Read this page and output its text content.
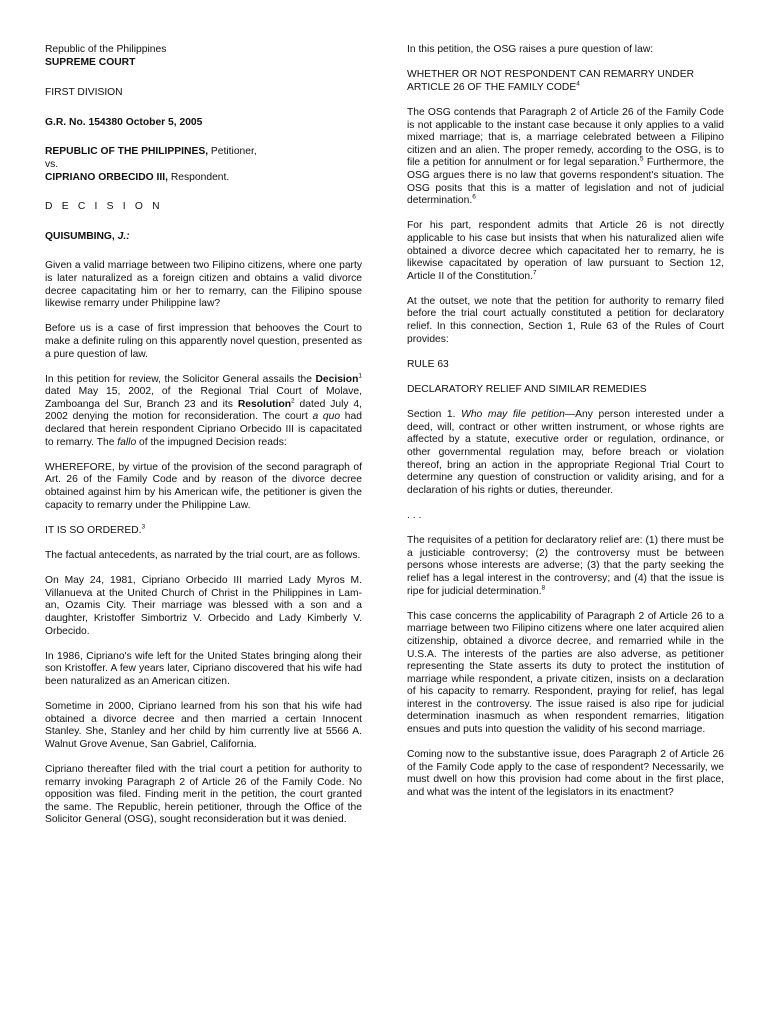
Republic of the Philippines

SUPREME COURT

FIRST DIVISION

G.R. No. 154380 October 5, 2005

REPUBLIC OF THE PHILIPPINES, Petitioner,

vs.

CIPRIANO ORBECIDO III, Respondent.

D E C I S I O N

QUISUMBING, J.:

Given a valid marriage between two Filipino citizens, where one party is later naturalized as a foreign citizen and obtains a valid divorce decree capacitating him or her to remarry, can the Filipino spouse likewise remarry under Philippine law?

Before us is a case of first impression that behooves the Court to make a definite ruling on this apparently novel question, presented as a pure question of law.

In this petition for review, the Solicitor General assails the Decision$^1$ dated May 15, 2002, of the Regional Trial Court of Molave, Zamboanga del Sur, Branch 23 and its Resolution$^2$ dated July 4, 2002 denying the motion for reconsideration. The court a quo had declared that herein respondent Cipriano Orbecido III is capacitated to remarry. The fallo of the impugned Decision reads:

WHEREFORE, by virtue of the provision of the second paragraph of Art. 26 of the Family Code and by reason of the divorce decree obtained against him by his American wife, the petitioner is given the capacity to remarry under the Philippine Law.

IT IS SO ORDERED.$^3$

The factual antecedents, as narrated by the trial court, are as follows.

On May 24, 1981, Cipriano Orbecido III married Lady Myros M. Villanueva at the United Church of Christ in the Philippines in Lam-an, Ozamis City. Their marriage was blessed with a son and a daughter, Kristoffer Simbortriz V. Orbecido and Lady Kimberly V. Orbecido.

In 1986, Cipriano's wife left for the United States bringing along their son Kristoffer. A few years later, Cipriano discovered that his wife had been naturalized as an American citizen.

Sometime in 2000, Cipriano learned from his son that his wife had obtained a divorce decree and then married a certain Innocent Stanley. She, Stanley and her child by him currently live at 5566 A. Walnut Grove Avenue, San Gabriel, California.

Cipriano thereafter filed with the trial court a petition for authority to remarry invoking Paragraph 2 of Article 26 of the Family Code. No opposition was filed. Finding merit in the petition, the court granted the same. The Republic, herein petitioner, through the Office of the Solicitor General (OSG), sought reconsideration but it was denied.

In this petition, the OSG raises a pure question of law:

WHETHER OR NOT RESPONDENT CAN REMARRY UNDER ARTICLE 26 OF THE FAMILY CODE$^4$

The OSG contends that Paragraph 2 of Article 26 of the Family Code is not applicable to the instant case because it only applies to a valid mixed marriage; that is, a marriage celebrated between a Filipino citizen and an alien. The proper remedy, according to the OSG, is to file a petition for annulment or for legal separation.$^5$ Furthermore, the OSG argues there is no law that governs respondent's situation. The OSG posits that this is a matter of legislation and not of judicial determination.$^6$

For his part, respondent admits that Article 26 is not directly applicable to his case but insists that when his naturalized alien wife obtained a divorce decree which capacitated her to remarry, he is likewise capacitated by operation of law pursuant to Section 12, Article II of the Constitution.$^7$

At the outset, we note that the petition for authority to remarry filed before the trial court actually constituted a petition for declaratory relief. In this connection, Section 1, Rule 63 of the Rules of Court provides:

RULE 63

DECLARATORY RELIEF AND SIMILAR REMEDIES

Section 1. Who may file petition—Any person interested under a deed, will, contract or other written instrument, or whose rights are affected by a statute, executive order or regulation, ordinance, or other governmental regulation may, before breach or violation thereof, bring an action in the appropriate Regional Trial Court to determine any question of construction or validity arising, and for a declaration of his rights or duties, thereunder.

. . .

The requisites of a petition for declaratory relief are: (1) there must be a justiciable controversy; (2) the controversy must be between persons whose interests are adverse; (3) that the party seeking the relief has a legal interest in the controversy; and (4) that the issue is ripe for judicial determination.$^8$

This case concerns the applicability of Paragraph 2 of Article 26 to a marriage between two Filipino citizens where one later acquired alien citizenship, obtained a divorce decree, and remarried while in the U.S.A. The interests of the parties are also adverse, as petitioner representing the State asserts its duty to protect the institution of marriage while respondent, a private citizen, insists on a declaration of his capacity to remarry. Respondent, praying for relief, has legal interest in the controversy. The issue raised is also ripe for judicial determination inasmuch as when respondent remarries, litigation ensues and puts into question the validity of his second marriage.

Coming now to the substantive issue, does Paragraph 2 of Article 26 of the Family Code apply to the case of respondent? Necessarily, we must dwell on how this provision had come about in the first place, and what was the intent of the legislators in its enactment?
